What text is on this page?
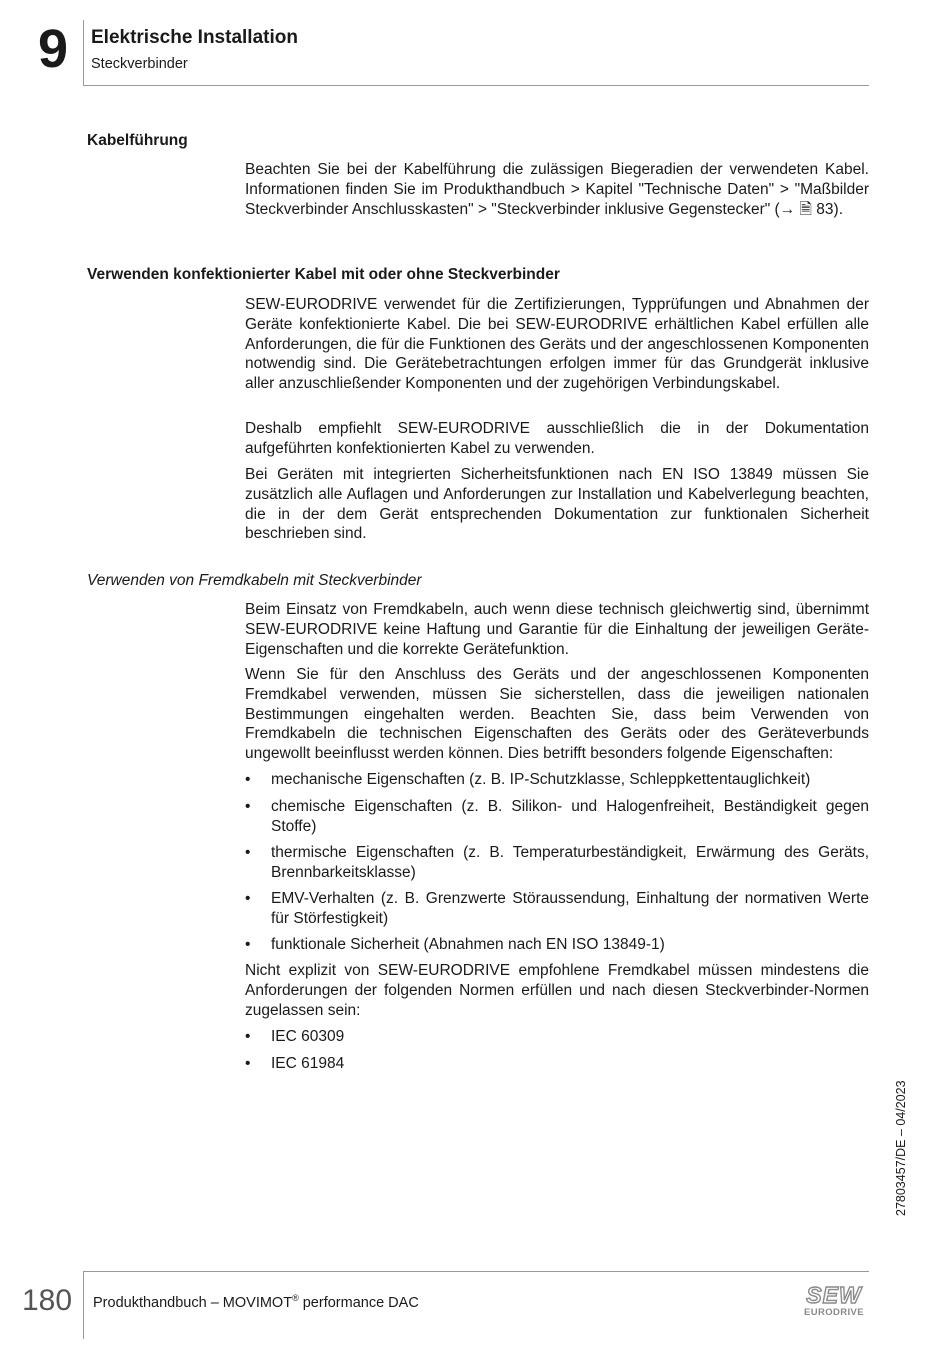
9 Elektrische Installation
Steckverbinder
Kabelführung

Beachten Sie bei der Kabelführung die zulässigen Biegeradien der verwendeten Kabel. Informationen finden Sie im Produkthandbuch > Kapitel "Technische Daten" > "Maßbilder Steckverbinder Anschlusskasten" > "Steckverbinder inklusive Gegenstecker" (→ 🗎 83).

Verwenden konfektionierter Kabel mit oder ohne Steckverbinder

SEW-EURODRIVE verwendet für die Zertifizierungen, Typprüfungen und Abnahmen der Geräte konfektionierte Kabel. Die bei SEW-EURODRIVE erhältlichen Kabel erfüllen alle Anforderungen, die für die Funktionen des Geräts und der angeschlossenen Komponenten notwendig sind. Die Gerätebetrachtungen erfolgen immer für das Grundgerät inklusive aller anzuschließender Komponenten und der zugehörigen Verbindungskabel.

Deshalb empfiehlt SEW-EURODRIVE ausschließlich die in der Dokumentation aufgeführten konfektionierten Kabel zu verwenden.

Bei Geräten mit integrierten Sicherheitsfunktionen nach EN ISO 13849 müssen Sie zusätzlich alle Auflagen und Anforderungen zur Installation und Kabelverlegung beachten, die in der dem Gerät entsprechenden Dokumentation zur funktionalen Sicherheit beschrieben sind.

Verwenden von Fremdkabeln mit Steckverbinder

Beim Einsatz von Fremdkabeln, auch wenn diese technisch gleichwertig sind, übernimmt SEW-EURODRIVE keine Haftung und Garantie für die Einhaltung der jeweiligen Geräte-Eigenschaften und die korrekte Gerätefunktion.

Wenn Sie für den Anschluss des Geräts und der angeschlossenen Komponenten Fremdkabel verwenden, müssen Sie sicherstellen, dass die jeweiligen nationalen Bestimmungen eingehalten werden. Beachten Sie, dass beim Verwenden von Fremdkabeln die technischen Eigenschaften des Geräts oder des Geräteverbunds ungewollt beeinflusst werden können. Dies betrifft besonders folgende Eigenschaften:

•	mechanische Eigenschaften (z. B. IP-Schutzklasse, Schleppkettentauglichkeit)
•	chemische Eigenschaften (z. B. Silikon- und Halogenfreiheit, Beständigkeit gegen Stoffe)
•	thermische Eigenschaften (z. B. Temperaturbeständigkeit, Erwärmung des Geräts, Brennbarkeitsklasse)
•	EMV-Verhalten (z. B. Grenzwerte Störaussendung, Einhaltung der normativen Werte für Störfestigkeit)
•	funktionale Sicherheit (Abnahmen nach EN ISO 13849-1)

Nicht explizit von SEW-EURODRIVE empfohlene Fremdkabel müssen mindestens die Anforderungen der folgenden Normen erfüllen und nach diesen Steckverbinder-Normen zugelassen sein:

•	IEC 60309
•	IEC 61984
27803457/DE – 04/2023
180 Produkthandbuch – MOVIMOT® performance DAC	SEW
EURODRIVE
